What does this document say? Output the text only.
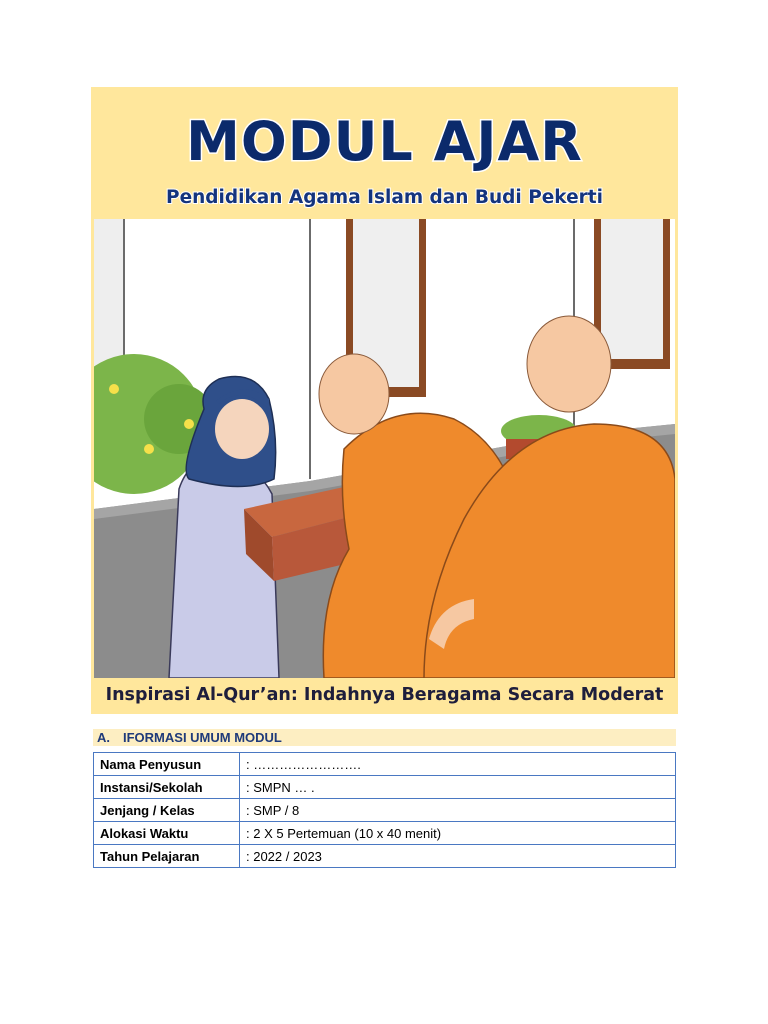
MODUL AJAR
Pendidikan Agama Islam dan Budi Pekerti
Inspirasi Al-Qur’an: Indahnya Beragama Secara Moderat
A. IFORMASI UMUM MODUL
Nama Penyusun	: …………………….
Instansi/Sekolah	: SMPN … .
Jenjang / Kelas	: SMP / 8
Alokasi Waktu	: 2 X 5 Pertemuan (10 x 40 menit)
Tahun Pelajaran	: 2022 / 2023
